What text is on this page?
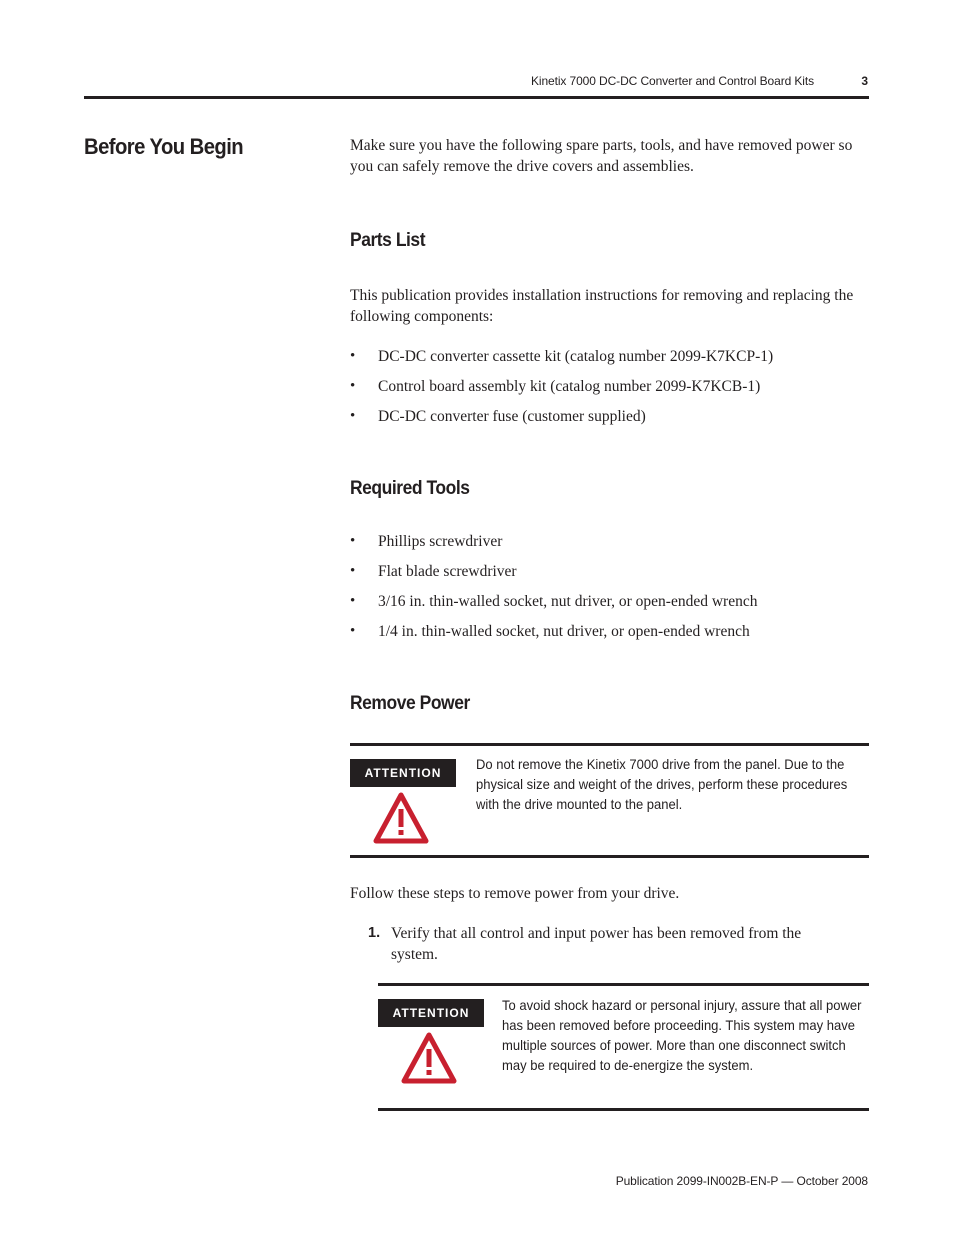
Kinetix 7000 DC-DC Converter and Control Board Kits	3
Before You Begin	Make sure you have the following spare parts, tools, and have removed power so you can safely remove the drive covers and assemblies.

Parts List

This publication provides installation instructions for removing and replacing the following components:

• DC-DC converter cassette kit (catalog number 2099-K7KCP-1)
• Control board assembly kit (catalog number 2099-K7KCB-1)
• DC-DC converter fuse (customer supplied)
Required Tools
• Phillips screwdriver
• Flat blade screwdriver
• 3/16 in. thin-walled socket, nut driver, or open-ended wrench
• 1/4 in. thin-walled socket, nut driver, or open-ended wrench
Remove Power
ATTENTION
Do not remove the Kinetix 7000 drive from the panel. Due to the physical size and weight of the drives, perform these procedures with the drive mounted to the panel.

Follow these steps to remove power from your drive.

1. Verify that all control and input power has been removed from the system.
ATTENTION	To avoid shock hazard or personal injury, assure that all power has been removed before proceeding. This system may have multiple sources of power. More than one disconnect switch may be required to de-energize the system.
Publication 2099-IN002B-EN-P — October 2008
